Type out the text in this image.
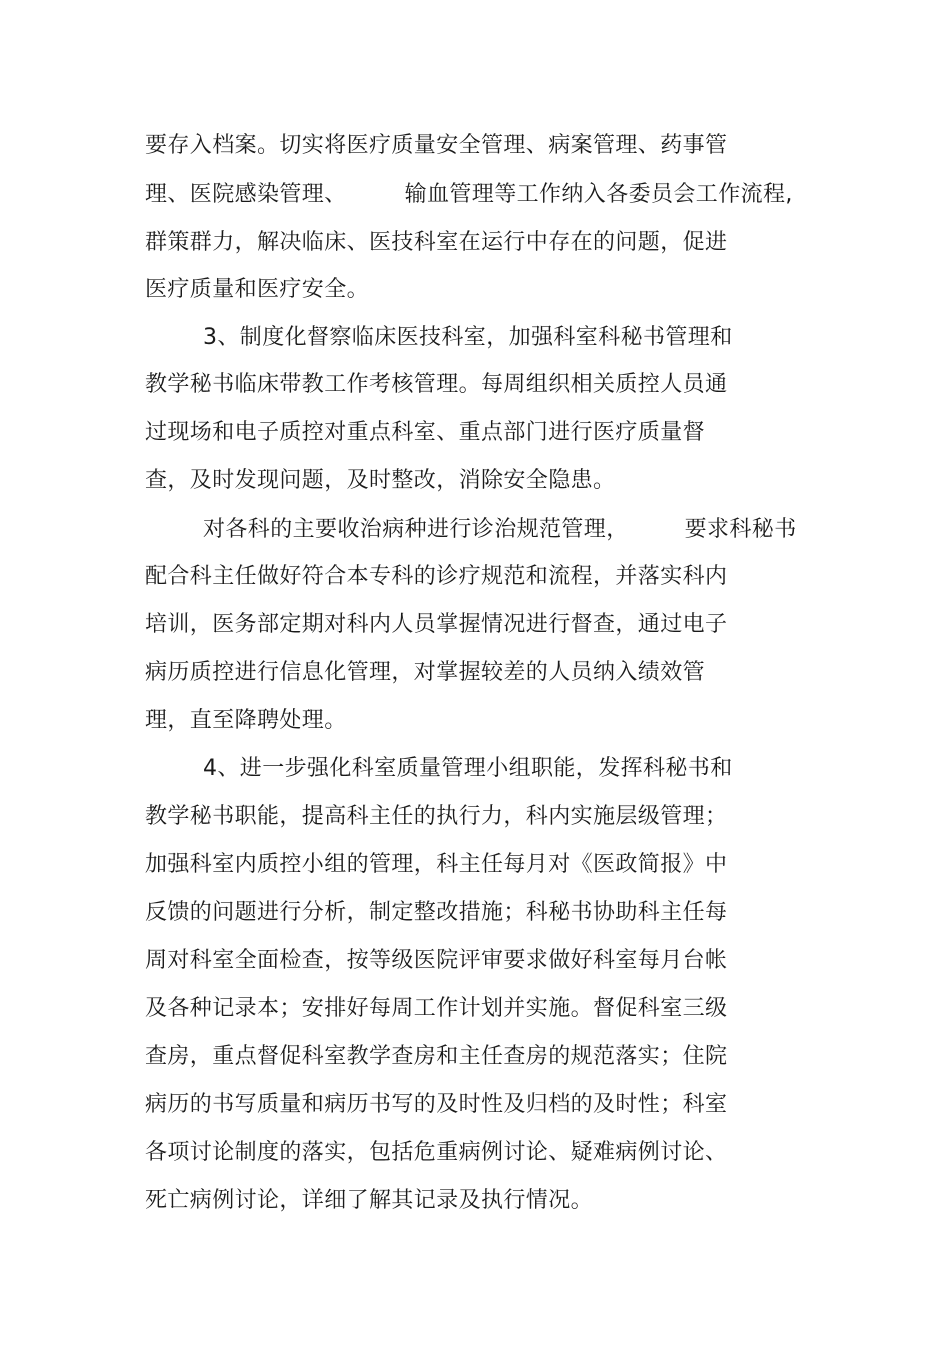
要存入档案。切实将医疗质量安全管理、病案管理、药事管
理、医院感染管理、	输血管理等工作纳入各委员会工作流程,
群策群力，解决临床、医技科室在运行中存在的问题，促进
医疗质量和医疗安全。
3、制度化督察临床医技科室，加强科室科秘书管理和
教学秘书临床带教工作考核管理。每周组织相关质控人员通
过现场和电子质控对重点科室、重点部门进行医疗质量督
查，及时发现问题，及时整改，消除安全隐患。
对各科的主要收治病种进行诊治规范管理，	要求科秘书
配合科主任做好符合本专科的诊疗规范和流程，并落实科内
培训，医务部定期对科内人员掌握情况进行督查，通过电子
病历质控进行信息化管理，对掌握较差的人员纳入绩效管
理，直至降聘处理。
4、进一步强化科室质量管理小组职能，发挥科秘书和
教学秘书职能，提高科主任的执行力，科内实施层级管理；
加强科室内质控小组的管理，科主任每月对《医政简报》中
反馈的问题进行分析，制定整改措施；科秘书协助科主任每
周对科室全面检查，按等级医院评审要求做好科室每月台帐
及各种记录本；安排好每周工作计划并实施。督促科室三级
查房，重点督促科室教学查房和主任查房的规范落实；住院
病历的书写质量和病历书写的及时性及归档的及时性；科室
各项讨论制度的落实，包括危重病例讨论、疑难病例讨论、
死亡病例讨论，详细了解其记录及执行情况。
